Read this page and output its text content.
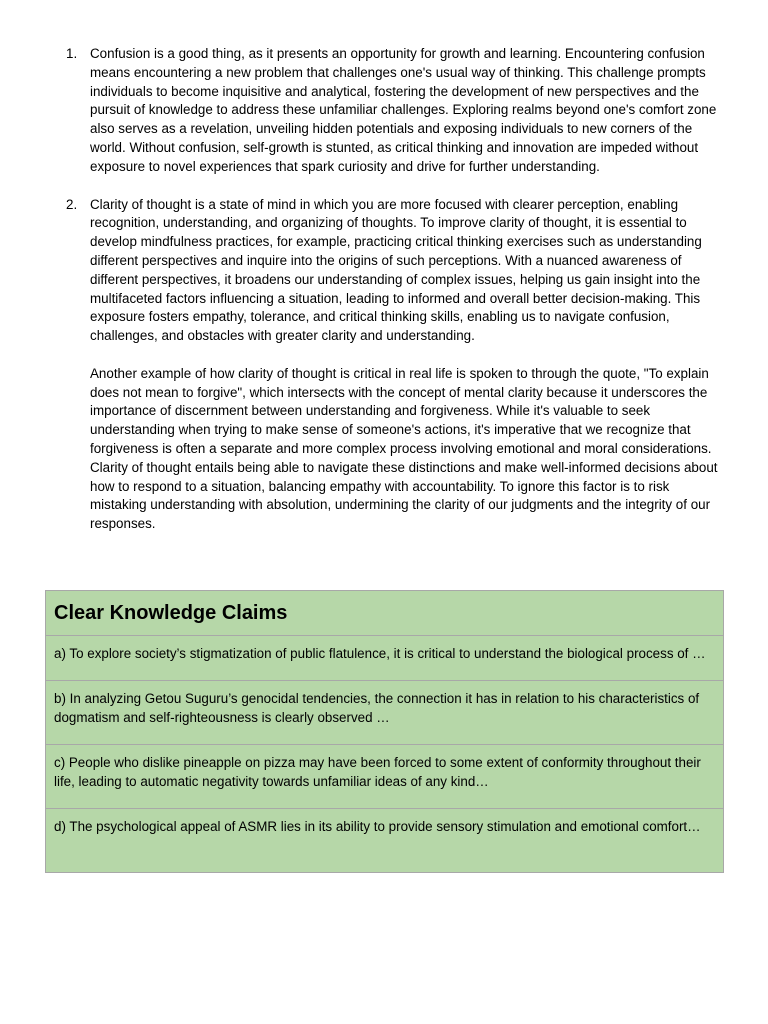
1. Confusion is a good thing, as it presents an opportunity for growth and learning. Encountering confusion means encountering a new problem that challenges one's usual way of thinking. This challenge prompts individuals to become inquisitive and analytical, fostering the development of new perspectives and the pursuit of knowledge to address these unfamiliar challenges. Exploring realms beyond one's comfort zone also serves as a revelation, unveiling hidden potentials and exposing individuals to new corners of the world. Without confusion, self-growth is stunted, as critical thinking and innovation are impeded without exposure to novel experiences that spark curiosity and drive for further understanding.

2. Clarity of thought is a state of mind in which you are more focused with clearer perception, enabling recognition, understanding, and organizing of thoughts. To improve clarity of thought, it is essential to develop mindfulness practices, for example, practicing critical thinking exercises such as understanding different perspectives and inquire into the origins of such perceptions. With a nuanced awareness of different perspectives, it broadens our understanding of complex issues, helping us gain insight into the multifaceted factors influencing a situation, leading to informed and overall better decision-making. This exposure fosters empathy, tolerance, and critical thinking skills, enabling us to navigate confusion, challenges, and obstacles with greater clarity and understanding.

Another example of how clarity of thought is critical in real life is spoken to through the quote, "To explain does not mean to forgive", which intersects with the concept of mental clarity because it underscores the importance of discernment between understanding and forgiveness. While it's valuable to seek understanding when trying to make sense of someone's actions, it's imperative that we recognize that forgiveness is often a separate and more complex process involving emotional and moral considerations. Clarity of thought entails being able to navigate these distinctions and make well-informed decisions about how to respond to a situation, balancing empathy with accountability. To ignore this factor is to risk mistaking understanding with absolution, undermining the clarity of our judgments and the integrity of our responses.

Clear Knowledge Claims
a) To explore society’s stigmatization of public flatulence, it is critical to understand the biological process of …
b) In analyzing Getou Suguru’s genocidal tendencies, the connection it has in relation to his characteristics of dogmatism and self-righteousness is clearly observed …
c) People who dislike pineapple on pizza may have been forced to some extent of conformity throughout their life, leading to automatic negativity towards unfamiliar ideas of any kind…
d) The psychological appeal of ASMR lies in its ability to provide sensory stimulation and emotional comfort…
